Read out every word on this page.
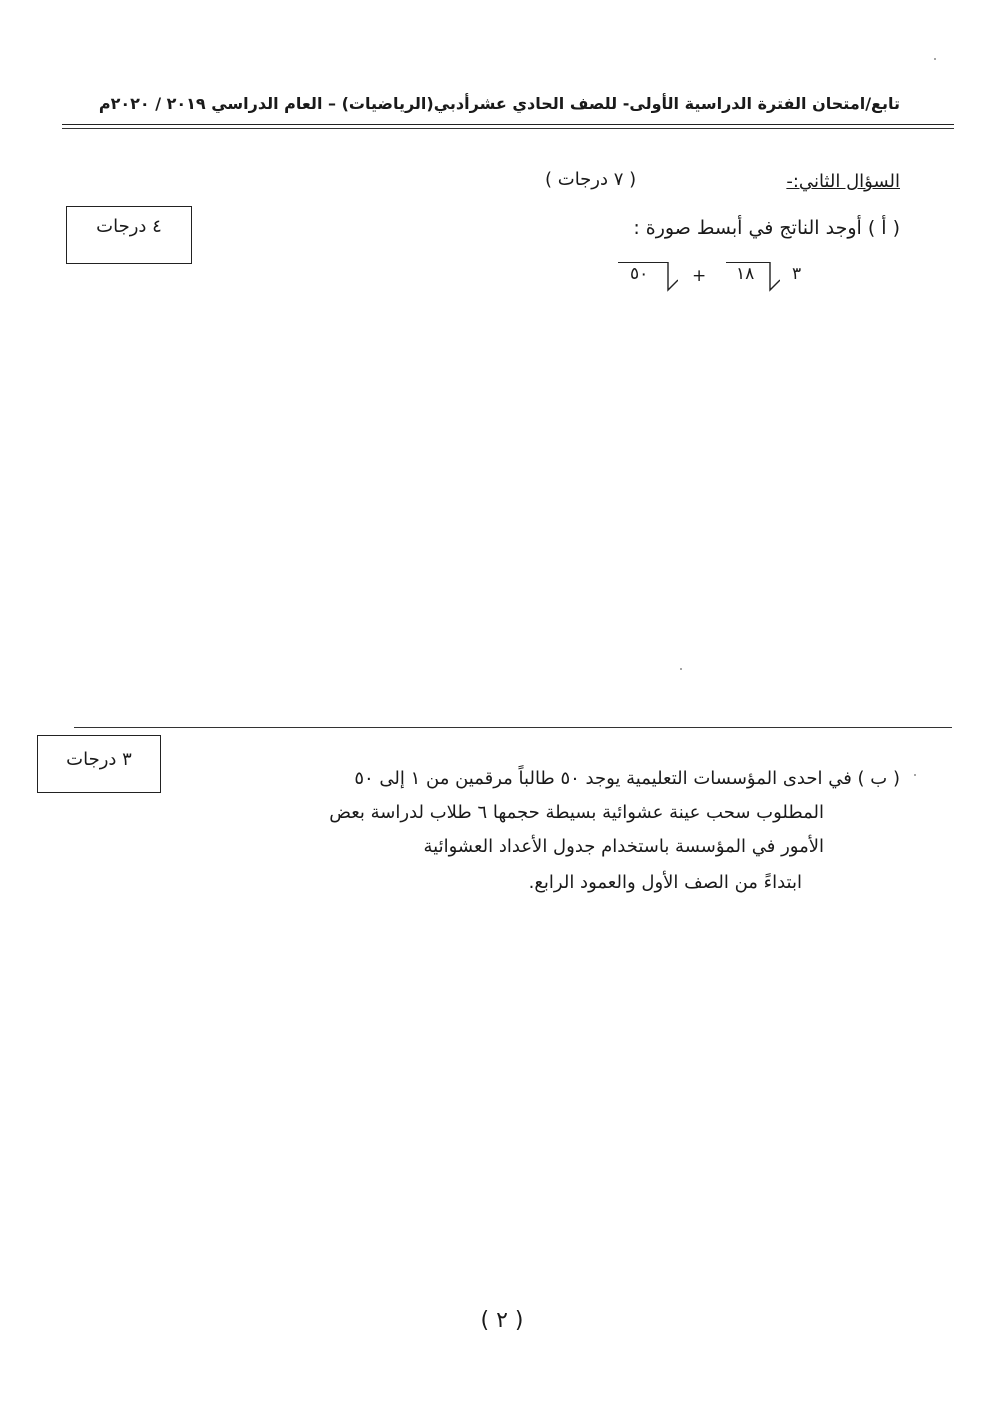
تابع/امتحان الفترة الدراسية الأولى- للصف الحادي عشرأدبي(الرياضيات) – العام الدراسي ٢٠١٩ / ٢٠٢٠م
السؤال الثاني:-
( ٧ درجات )
٤ درجات	( أ ) أوجد الناتج في أبسط صورة :
٣
١٨
+
٥٠
٣ درجات
( ب ) في احدى المؤسسات التعليمية يوجد ٥٠ طالباً مرقمين من ١ إلى ٥٠
المطلوب سحب عينة عشوائية بسيطة حجمها ٦ طلاب لدراسة بعض
الأمور في المؤسسة باستخدام جدول الأعداد العشوائية
ابتداءً من الصف الأول والعمود الرابع.
( ٢ )
